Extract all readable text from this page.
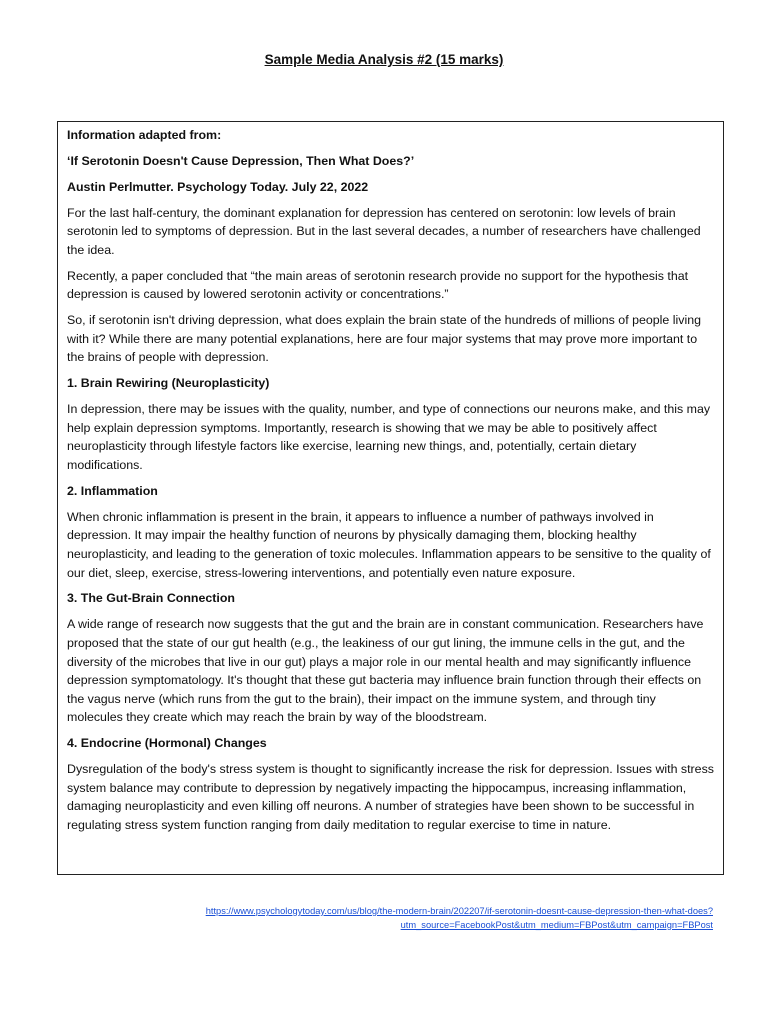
Sample Media Analysis #2 (15 marks)

Information adapted from:

‘If Serotonin Doesn't Cause Depression, Then What Does?’

Austin Perlmutter. Psychology Today. July 22, 2022

For the last half-century, the dominant explanation for depression has centered on serotonin: low levels of brain serotonin led to symptoms of depression. But in the last several decades, a number of researchers have challenged the idea.

Recently, a paper concluded that “the main areas of serotonin research provide no support for the hypothesis that depression is caused by lowered serotonin activity or concentrations.”

So, if serotonin isn't driving depression, what does explain the brain state of the hundreds of millions of people living with it? While there are many potential explanations, here are four major systems that may prove more important to the brains of people with depression.

1. Brain Rewiring (Neuroplasticity)

In depression, there may be issues with the quality, number, and type of connections our neurons make, and this may help explain depression symptoms. Importantly, research is showing that we may be able to positively affect neuroplasticity through lifestyle factors like exercise, learning new things, and, potentially, certain dietary modifications.

2. Inflammation

When chronic inflammation is present in the brain, it appears to influence a number of pathways involved in depression. It may impair the healthy function of neurons by physically damaging them, blocking healthy neuroplasticity, and leading to the generation of toxic molecules. Inflammation appears to be sensitive to the quality of our diet, sleep, exercise, stress-lowering interventions, and potentially even nature exposure.

3. The Gut-Brain Connection

A wide range of research now suggests that the gut and the brain are in constant communication. Researchers have proposed that the state of our gut health (e.g., the leakiness of our gut lining, the immune cells in the gut, and the diversity of the microbes that live in our gut) plays a major role in our mental health and may significantly influence depression symptomatology. It's thought that these gut bacteria may influence brain function through their effects on the vagus nerve (which runs from the gut to the brain), their impact on the immune system, and through tiny molecules they create which may reach the brain by way of the bloodstream.

4. Endocrine (Hormonal) Changes

Dysregulation of the body's stress system is thought to significantly increase the risk for depression. Issues with stress system balance may contribute to depression by negatively impacting the hippocampus, increasing inflammation, damaging neuroplasticity and even killing off neurons. A number of strategies have been shown to be successful in regulating stress system function ranging from daily meditation to regular exercise to time in nature.

https://www.psychologytoday.com/us/blog/the-modern-brain/202207/if-serotonin-doesnt-cause-depression-then-what-does?
utm_source=FacebookPost&utm_medium=FBPost&utm_campaign=FBPost
